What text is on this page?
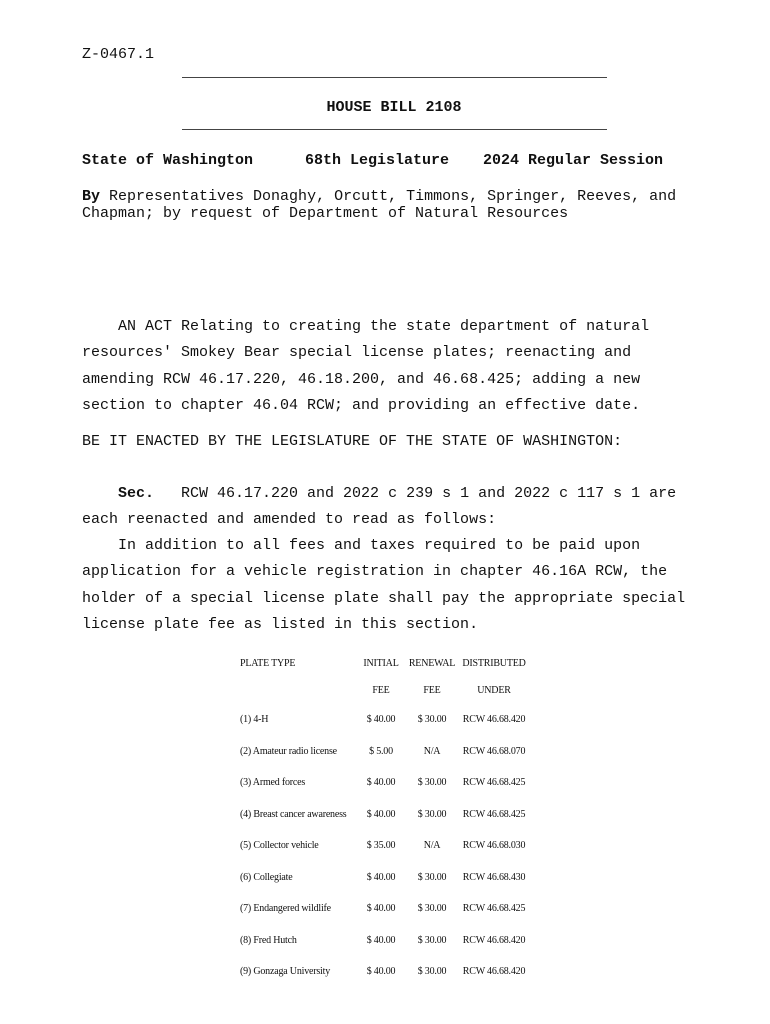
Z-0467.1
HOUSE BILL 2108
State of Washington	68th Legislature 2024 Regular Session
By Representatives Donaghy, Orcutt, Timmons, Springer, Reeves, and
Chapman; by request of Department of Natural Resources
AN ACT Relating to creating the state department of natural resources' Smokey Bear special license plates; reenacting and amending RCW 46.17.220, 46.18.200, and 46.68.425; adding a new section to chapter 46.04 RCW; and providing an effective date.
BE IT ENACTED BY THE LEGISLATURE OF THE STATE OF WASHINGTON:
Sec. RCW 46.17.220 and 2022 c 239 s 1 and 2022 c 117 s 1 are each reenacted and amended to read as follows:
In addition to all fees and taxes required to be paid upon application for a vehicle registration in chapter 46.16A RCW, the holder of a special license plate shall pay the appropriate special license plate fee as listed in this section.
PLATE TYPE	INITIAL	RENEWAL	DISTRIBUTED
	FEE	FEE	UNDER
(1) 4-H	$ 40.00	$ 30.00	RCW 46.68.420
(2) Amateur radio license	$ 5.00	N/A	RCW 46.68.070
(3) Armed forces	$ 40.00	$ 30.00	RCW 46.68.425
(4) Breast cancer awareness	$ 40.00	$ 30.00	RCW 46.68.425
(5) Collector vehicle	$ 35.00	N/A	RCW 46.68.030
(6) Collegiate	$ 40.00	$ 30.00	RCW 46.68.430
(7) Endangered wildlife	$ 40.00	$ 30.00	RCW 46.68.425
(8) Fred Hutch	$ 40.00	$ 30.00	RCW 46.68.420
(9) Gonzaga University	$ 40.00	$ 30.00	RCW 46.68.420
